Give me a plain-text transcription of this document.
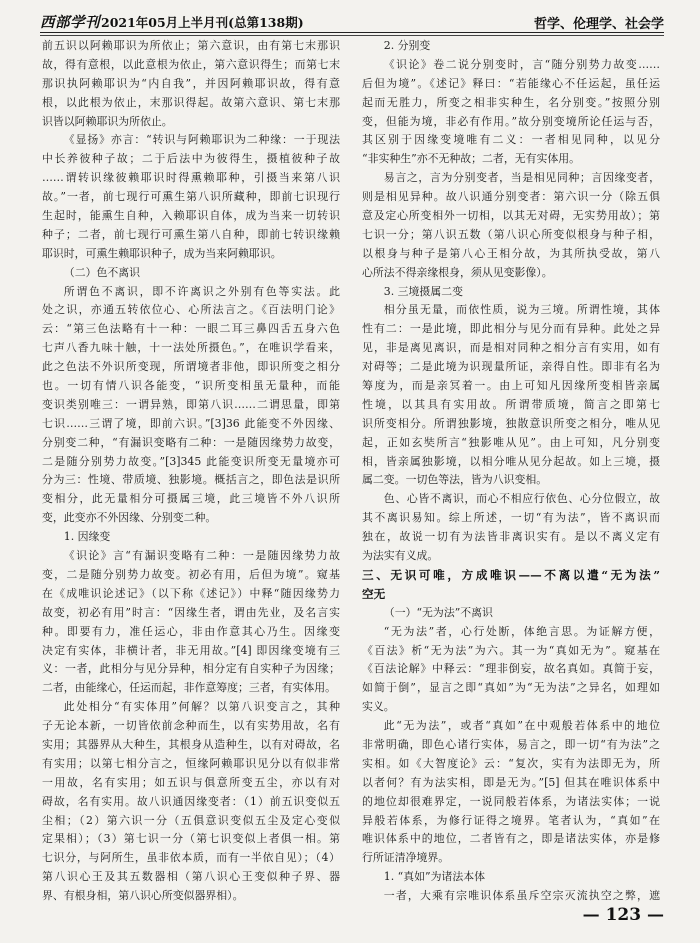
西部学刊2021年05月上半月刊(总第138期)	哲学、伦理学、社会学
前五识以阿赖耶识为所依止；第六意识，由有第七末那识
故，得有意根，以此意根为依止，第六意识得生；而第七末
那识执阿赖耶识为“内自我”，并因阿赖耶识故，得有意
根，以此根为依止，末那识得起。故第六意识、第七末那
识皆以阿赖耶识为所依止。
《显扬》亦言：“转识与阿赖耶识为二种缘：一于现法
中长养彼种子故；二于后法中为彼得生，摄植彼种子故
……谓转识缘彼赖耶识时得熏赖耶种，引摄当来第八识
故。”一者，前七现行可熏生第八识所藏种，即前七识现行
生起时，能熏生自种，入赖耶识自体，成为当来一切转识
种子；二者，前七现行可熏生第八自种，即前七转识缘赖
耶识时，可熏生赖耶识种子，成为当来阿赖耶识。
（二）色不离识
所谓色不离识，即不许离识之外别有色等实法。此
处之识，亦通五转依位心、心所法言之。《百法明门论》
云：“第三色法略有十一种：一眼二耳三鼻四舌五身六色
七声八香九味十触，十一法处所摄色。”，在唯识学看来，
此之色法不外识所变现，所谓境者非他，即识所变之相分
也。一切有情八识各能变，“识所变相虽无量种，而能
变识类别唯三：一谓异熟，即第八识……二谓思量，即第
七识……三谓了境，即前六识。”[3]36 此能变不外因缘、
分别变二种，“有漏识变略有二种：一是随因缘势力故变，
二是随分别势力故变。”[3]345 此能变识所变无量境亦可
分为三：性境、带质境、独影境。概括言之，即色法是识所
变相分，此无量相分可摄属三境，此三境皆不外八识所
变，此变亦不外因缘、分别变二种。
1. 因缘变
《识论》言“有漏识变略有二种：一是随因缘势力故
变，二是随分别势力故变。初必有用，后但为境”。窥基
在《成唯识论述记》（以下称《述记》）中释“随因缘势力
故变，初必有用”时言：“因缘生者，谓由先业，及名言实
种。即要有力，准任运心，非由作意其心乃生。因缘变
决定有实体，非横计者，非无用故。”[4] 即因缘变境有三
义：一者，此相分与见分异种，相分定有自实种子为因缘；
二者，由能缘心，任运而起，非作意筹度；三者，有实体用。
此处相分“有实体用”何解？以第八识变言之，其种
子无论本新，一切皆依前念种而生，以有实势用故，名有
实用；其器界从大种生，其根身从造种生，以有对碍故，名
有实用；以第七相分言之，恒缘阿赖耶识见分以有似非常
一用故，名有实用；如五识与俱意所变五尘，亦以有对
碍故，名有实用。故八识通因缘变者：（1）前五识变似五
尘相；（2）第六识一分（五俱意识变似五尘及定心变似
定果相）；（3）第七识一分（第七识变似上者俱一相。第
七识分，与阿所生，虽非依本质，而有一半依自见）；（4）
第八识心王及其五数器相（第八识心王变似种子界、器
界、有根身相，第八识心所变似器界相）。
2. 分别变
《识论》卷二说分别变时，言“随分别势力故变……
后但为境”。《述记》释曰：“若能缘心不任运起，虽任运
起而无胜力，所变之相非实种生，名分别变。”按照分别
变，但能为境，非必有作用。”故分别变境所论任运与否，
其区别于因缘变境唯有二义：一者相见同种，以见分
“非实种生”亦不无种故；二者，无有实体用。
易言之，言为分别变者，当是相见同种；言因缘变者，
则是相见异种。故八识通分别变者：第六识一分（除五俱
意及定心所变相外一切相，以其无对碍，无实势用故）；第
七识一分；第八识五数（第八识心所变似根身与种子相，
以根身与种子是第八心王相分故，为其所执受故，第八
心所法不得亲缘根身，须从见变影像）。
3. 三境摄属二变
相分虽无量，而依性质，说为三境。所谓性境，其体
性有二：一是此境，即此相分与见分而有异种。此处之异
见，非是离见离识，而是相对同种之相分言有实用，如有
对碍等；二是此境为识现量所证，亲得自性。即非有名为
筹度为，而是亲冥着一。由上可知凡因缘所变相皆亲属
性境，以其具有实用故。所谓带质境，简言之即第七
识所变相分。所谓独影境，独散意识所变之相分，唯从见
起，正如玄奘所言“独影唯从见”。由上可知，凡分别变
相，皆亲属独影境，以相分唯从见分起故。如上三境，摄
属二变。一切色等法，皆为八识变相。
色、心皆不离识，而心不相应行依色、心分位假立，故
其不离识易知。综上所述，一切“有为法”，皆不离识而
独在，故说一切有为法皆非离识实有。是以不离义定有
为法实有义成。
三、无识可唯，方成唯识——不离以遣“无为法”
空无
（一）“无为法”不离识
“无为法”者，心行处断，体绝言思。为证解方便，
《百法》析“无为法”为六。其一为“真如无为”。窥基在
《百法论解》中释云：“理非倒妄，故名真如。真简于妄，
如简于倒”，显言之即“真如”为“无为法”之异名，如理如
实义。
此“无为法”，或者“真如”在中观般若体系中的地位
非常明确，即色心诸行实体，易言之，即一切“有为法”之
实相。如《大智度论》云：“复次，实有为法即无为，所
以者何？有为法实相，即是无为。”[5] 但其在唯识体系中
的地位却很难界定，一说同般若体系，为诸法实体；一说
异般若体系，为修行证得之境界。笔者认为，“真如”在
唯识体系中的地位，二者皆有之，即是诸法实体，亦是修
行所证清净境界。
1. “真如”为诸法本体
一者，大乘有宗唯识体系虽斥空宗灭流执空之弊，遮
— 123 —
